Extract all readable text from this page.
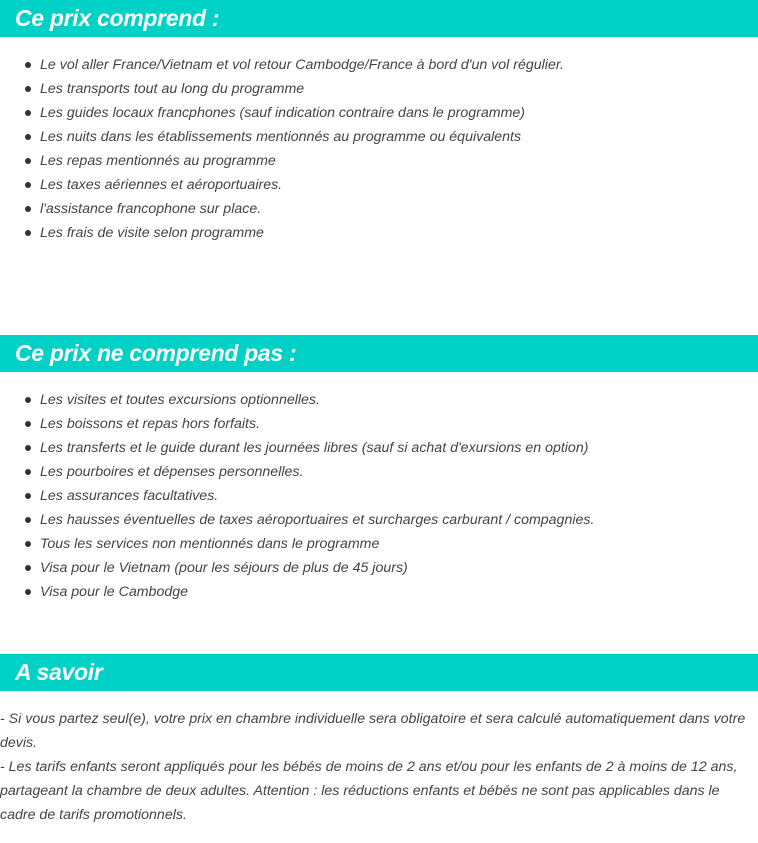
Ce prix comprend :
Le vol aller France/Vietnam et vol retour Cambodge/France à bord d'un vol régulier.
Les transports tout au long du programme
Les guides locaux francphones (sauf indication contraire dans le programme)
Les nuits dans les établissements mentionnés au programme ou équivalents
Les repas mentionnés au programme
Les taxes aériennes et aéroportuaires.
l'assistance francophone sur place.
Les frais de visite selon programme
Ce prix ne comprend pas :
Les visites et toutes excursions optionnelles.
Les boissons et repas hors forfaits.
Les transferts et le guide durant les journées libres (sauf si achat d'exursions en option)
Les pourboires et dépenses personnelles.
Les assurances facultatives.
Les hausses éventuelles de taxes aéroportuaires et surcharges carburant / compagnies.
Tous les services non mentionnés dans le programme
Visa pour le Vietnam (pour les séjours de plus de 45 jours)
Visa pour le Cambodge
A savoir

- Si vous partez seul(e), votre prix en chambre individuelle sera obligatoire et sera calculé automatiquement dans votre devis.

- Les tarifs enfants seront appliqués pour les bébés de moins de 2 ans et/ou pour les enfants de 2 à moins de 12 ans, partageant la chambre de deux adultes. Attention : les réductions enfants et bébés ne sont pas applicables dans le cadre de tarifs promotionnels.
